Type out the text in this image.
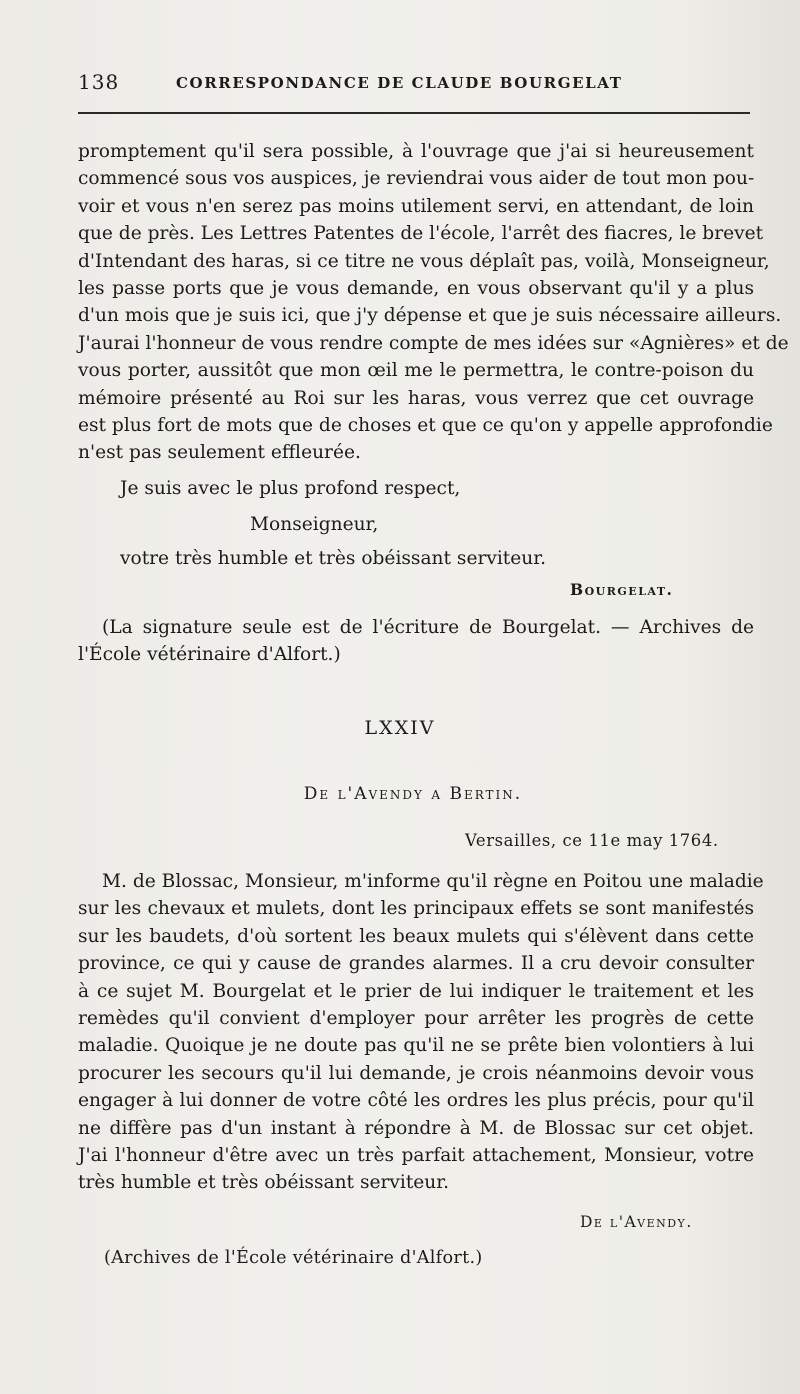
138	CORRESPONDANCE DE CLAUDE BOURGELAT
promptement qu'il sera possible, à l'ouvrage que j'ai si heureusement
commencé sous vos auspices, je reviendrai vous aider de tout mon pou-
voir et vous n'en serez pas moins utilement servi, en attendant, de loin
que de près. Les Lettres Patentes de l'école, l'arrêt des fiacres, le brevet
d'Intendant des haras, si ce titre ne vous déplaît pas, voilà, Monseigneur,
les passe ports que je vous demande, en vous observant qu'il y a plus
d'un mois que je suis ici, que j'y dépense et que je suis nécessaire ailleurs.
J'aurai l'honneur de vous rendre compte de mes idées sur «Agnières» et de
vous porter, aussitôt que mon œil me le permettra, le contre-poison du
mémoire présenté au Roi sur les haras, vous verrez que cet ouvrage
est plus fort de mots que de choses et que ce qu'on y appelle approfondie
n'est pas seulement effleurée.
Je suis avec le plus profond respect,
Monseigneur,
votre très humble et très obéissant serviteur.
Bourgelat.
(La signature seule est de l'écriture de Bourgelat. — Archives de
l'École vétérinaire d'Alfort.)
LXXIV
De l'Avendy a Bertin.
Versailles, ce 11e may 1764.
M. de Blossac, Monsieur, m'informe qu'il règne en Poitou une maladie
sur les chevaux et mulets, dont les principaux effets se sont manifestés
sur les baudets, d'où sortent les beaux mulets qui s'élèvent dans cette
province, ce qui y cause de grandes alarmes. Il a cru devoir consulter
à ce sujet M. Bourgelat et le prier de lui indiquer le traitement et les
remèdes qu'il convient d'employer pour arrêter les progrès de cette
maladie. Quoique je ne doute pas qu'il ne se prête bien volontiers à lui
procurer les secours qu'il lui demande, je crois néanmoins devoir vous
engager à lui donner de votre côté les ordres les plus précis, pour qu'il
ne diffère pas d'un instant à répondre à M. de Blossac sur cet objet.
J'ai l'honneur d'être avec un très parfait attachement, Monsieur, votre
très humble et très obéissant serviteur.
De l'Avendy.
(Archives de l'École vétérinaire d'Alfort.)
